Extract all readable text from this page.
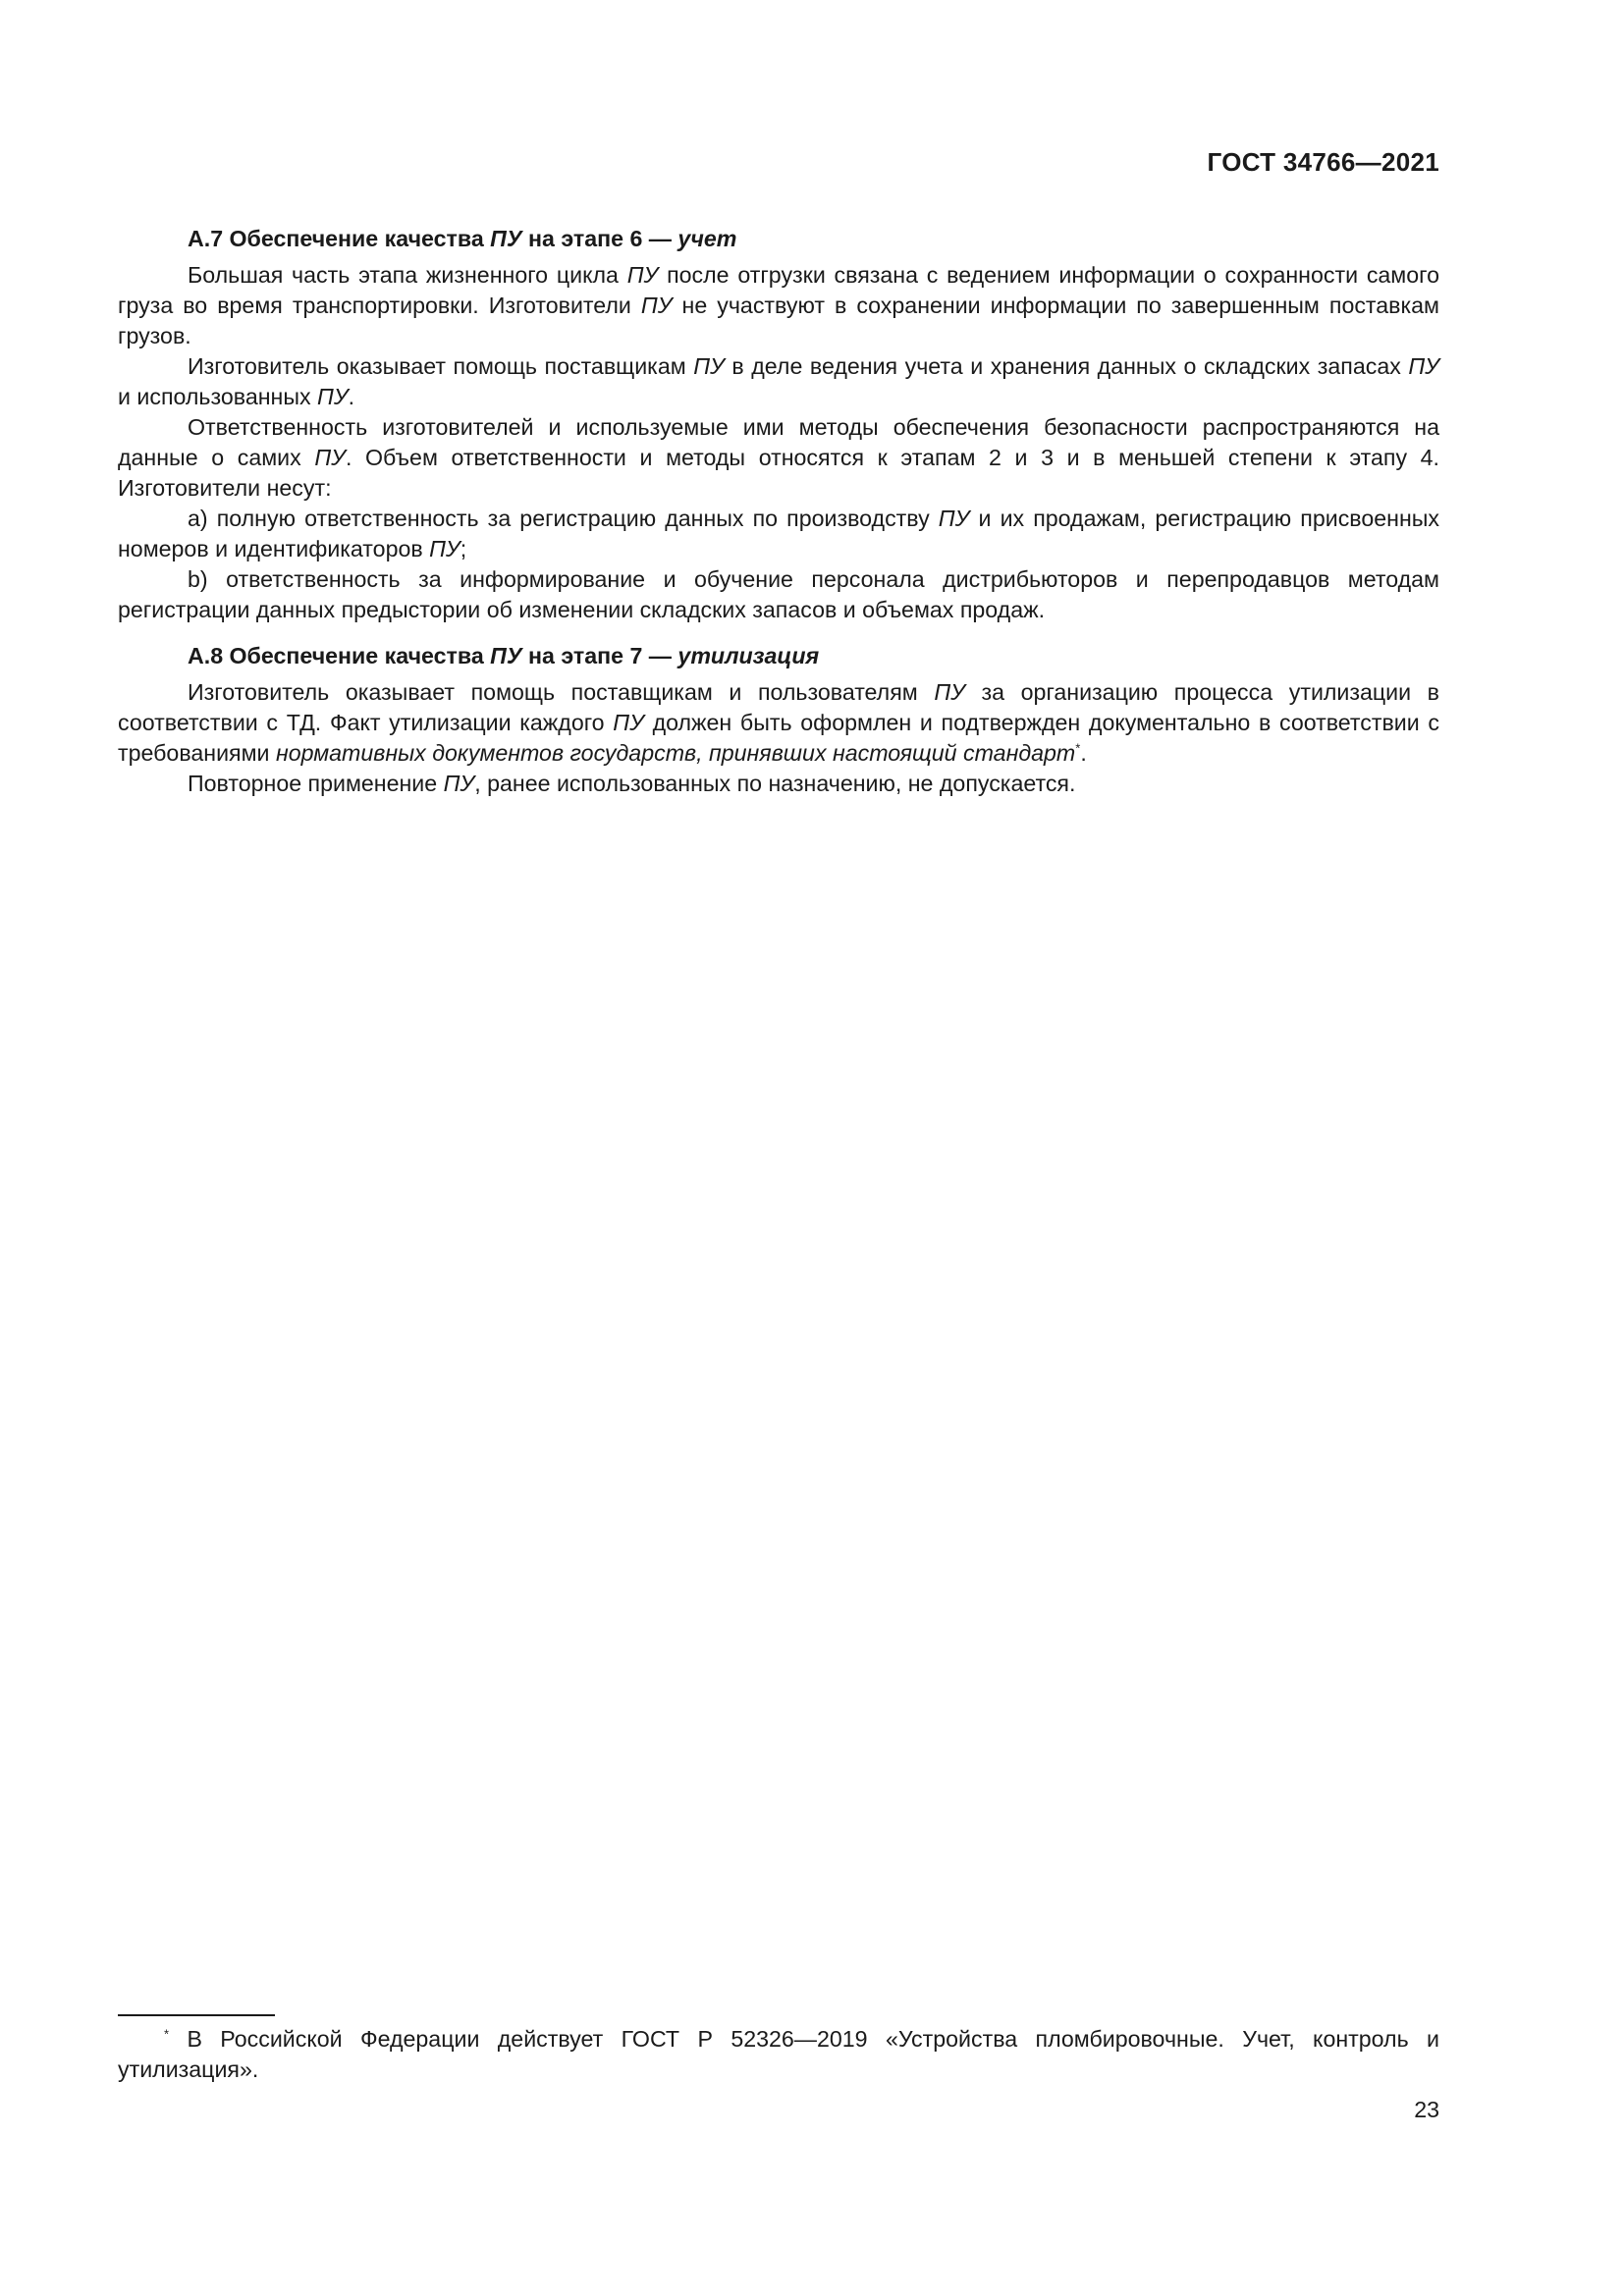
ГОСТ 34766—2021
А.7 Обеспечение качества ПУ на этапе 6 — учет

Большая часть этапа жизненного цикла ПУ после отгрузки связана с ведением информации о сохранности самого груза во время транспортировки. Изготовители ПУ не участвуют в сохранении информации по завершенным поставкам грузов.

Изготовитель оказывает помощь поставщикам ПУ в деле ведения учета и хранения данных о складских запасах ПУ и использованных ПУ.

Ответственность изготовителей и используемые ими методы обеспечения безопасности распространяются на данные о самих ПУ. Объем ответственности и методы относятся к этапам 2 и 3 и в меньшей степени к этапу 4. Изготовители несут:

a) полную ответственность за регистрацию данных по производству ПУ и их продажам, регистрацию присвоенных номеров и идентификаторов ПУ;

b) ответственность за информирование и обучение персонала дистрибьюторов и перепродавцов методам регистрации данных предыстории об изменении складских запасов и объемах продаж.

А.8 Обеспечение качества ПУ на этапе 7 — утилизация

Изготовитель оказывает помощь поставщикам и пользователям ПУ за организацию процесса утилизации в соответствии с ТД. Факт утилизации каждого ПУ должен быть оформлен и подтвержден документально в соответствии с требованиями нормативных документов государств, принявших настоящий стандарт*.

Повторное применение ПУ, ранее использованных по назначению, не допускается.

* В Российской Федерации действует ГОСТ Р 52326—2019 «Устройства пломбировочные. Учет, контроль и утилизация».
23
